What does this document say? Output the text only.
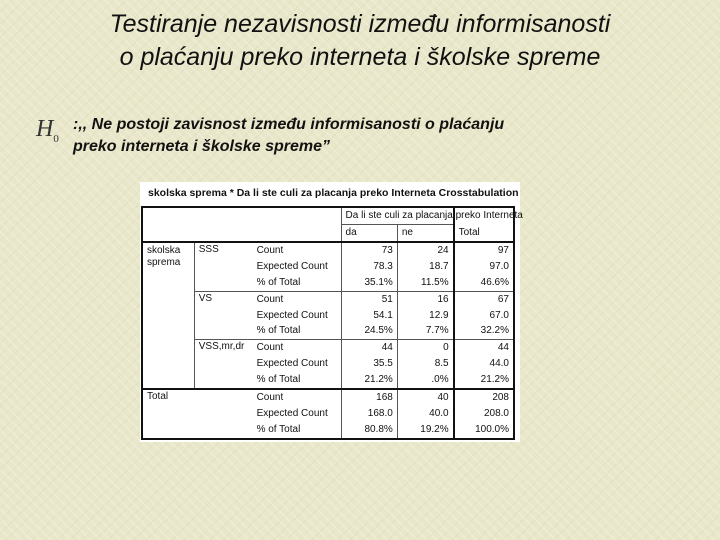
Testiranje nezavisnosti između informisanosti
o plaćanju preko interneta i školske spreme
$H_0$
:,, Ne postoji zavisnost između informisanosti o plaćanju
preko interneta i školske spreme”
skolska sprema * Da li ste culi za placanja preko Interneta Crosstabulation
			Da li ste culi za placanja preko Interneta		
			da	ne	Total
skolska sprema	SSS	Count	73	24	97
		Expected Count	78.3	18.7	97.0
		% of Total	35.1%	11.5%	46.6%
	VS	Count	51	16	67
		Expected Count	54.1	12.9	67.0
		% of Total	24.5%	7.7%	32.2%
	VSS,mr,dr	Count	44	0	44
		Expected Count	35.5	8.5	44.0
		% of Total	21.2%	.0%	21.2%
Total		Count	168	40	208
		Expected Count	168.0	40.0	208.0
		% of Total	80.8%	19.2%	100.0%
